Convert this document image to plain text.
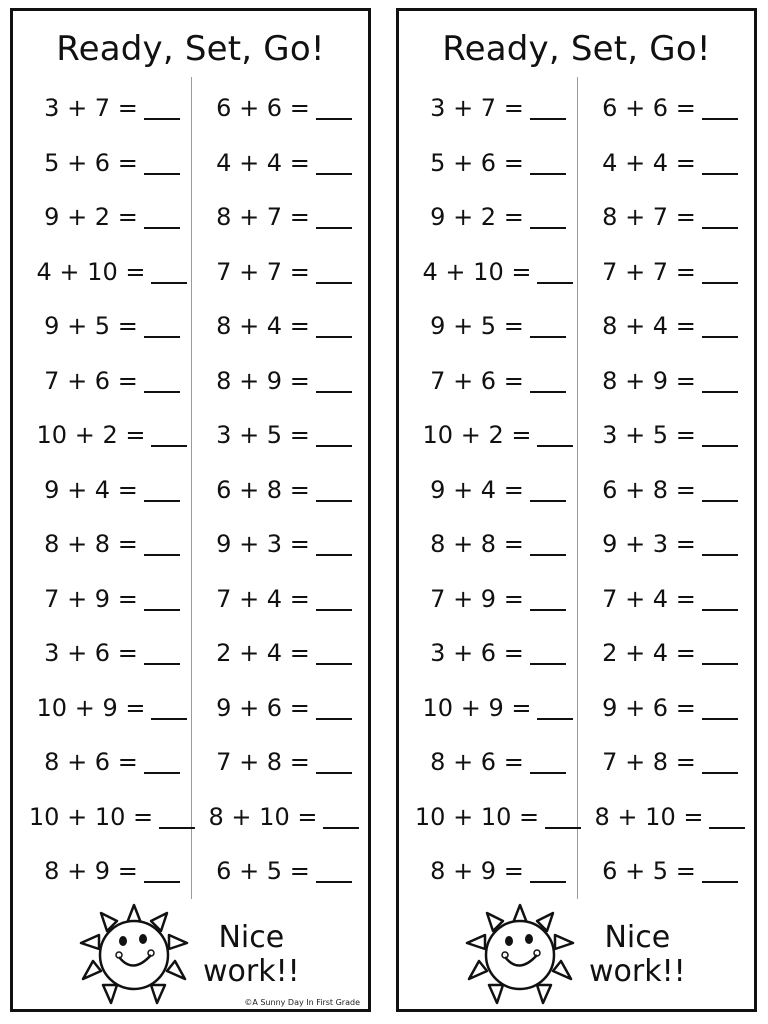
Ready, Set, Go!
3 + 7 =
5 + 6 =
9 + 2 =
4 + 10 =
9 + 5 =
7 + 6 =
10 + 2 =
9 + 4 =
8 + 8 =
7 + 9 =
3 + 6 =
10 + 9 =
8 + 6 =
10 + 10 =
8 + 9 =
6 + 6 =
4 + 4 =
8 + 7 =
7 + 7 =
8 + 4 =
8 + 9 =
3 + 5 =
6 + 8 =
9 + 3 =
7 + 4 =
2 + 4 =
9 + 6 =
7 + 8 =
8 + 10 =
6 + 5 =
Nice
work!!
©A Sunny Day In First Grade
Ready, Set, Go!
3 + 7 =
5 + 6 =
9 + 2 =
4 + 10 =
9 + 5 =
7 + 6 =
10 + 2 =
9 + 4 =
8 + 8 =
7 + 9 =
3 + 6 =
10 + 9 =
8 + 6 =
10 + 10 =
8 + 9 =
6 + 6 =
4 + 4 =
8 + 7 =
7 + 7 =
8 + 4 =
8 + 9 =
3 + 5 =
6 + 8 =
9 + 3 =
7 + 4 =
2 + 4 =
9 + 6 =
7 + 8 =
8 + 10 =
6 + 5 =
Nice
work!!
